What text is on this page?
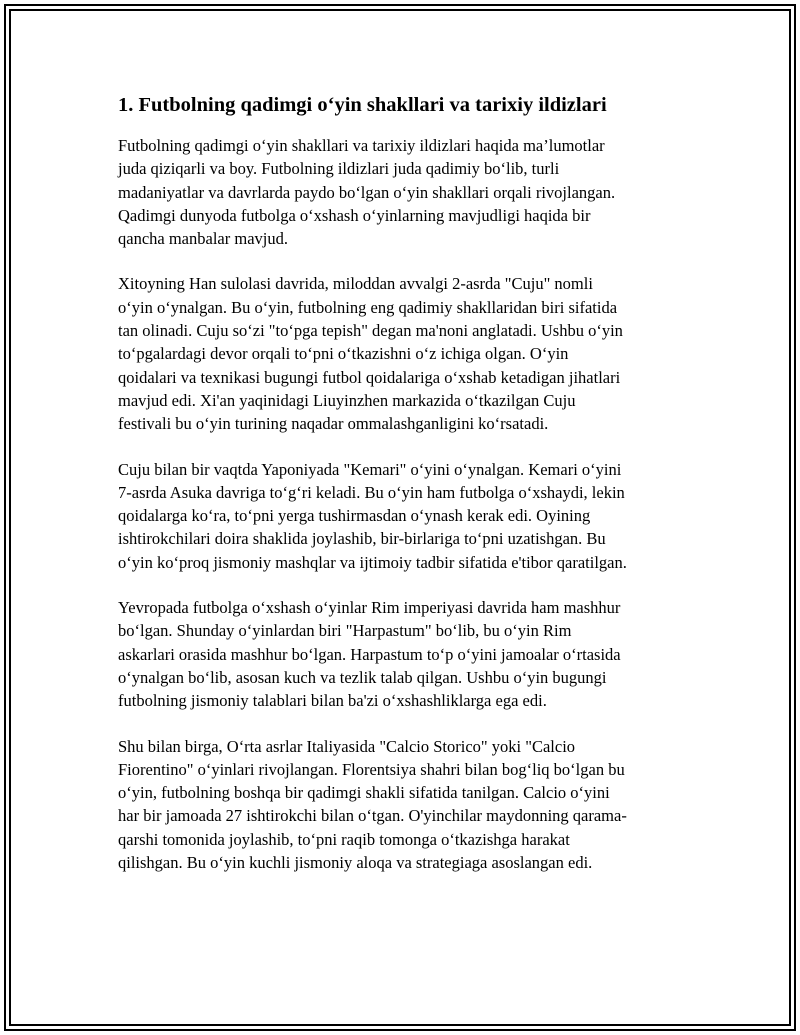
1. Futbolning qadimgi o‘yin shakllari va tarixiy ildizlari

Futbolning qadimgi o‘yin shakllari va tarixiy ildizlari haqida ma’lumotlar
juda qiziqarli va boy. Futbolning ildizlari juda qadimiy bo‘lib, turli
madaniyatlar va davrlarda paydo bo‘lgan o‘yin shakllari orqali rivojlangan.
Qadimgi dunyoda futbolga o‘xshash o‘yinlarning mavjudligi haqida bir
qancha manbalar mavjud.

Xitoyning Han sulolasi davrida, miloddan avvalgi 2-asrda "Cuju" nomli
o‘yin o‘ynalgan. Bu o‘yin, futbolning eng qadimiy shakllaridan biri sifatida
tan olinadi. Cuju so‘zi "to‘pga tepish" degan ma'noni anglatadi. Ushbu o‘yin
to‘pgalardagi devor orqali to‘pni o‘tkazishni o‘z ichiga olgan. O‘yin
qoidalari va texnikasi bugungi futbol qoidalariga o‘xshab ketadigan jihatlari
mavjud edi. Xi'an yaqinidagi Liuyinzhen markazida o‘tkazilgan Cuju
festivali bu o‘yin turining naqadar ommalashganligini ko‘rsatadi.

Cuju bilan bir vaqtda Yaponiyada "Kemari" o‘yini o‘ynalgan. Kemari o‘yini
7-asrda Asuka davriga to‘g‘ri keladi. Bu o‘yin ham futbolga o‘xshaydi, lekin
qoidalarga ko‘ra, to‘pni yerga tushirmasdan o‘ynash kerak edi. Oyining
ishtirokchilari doira shaklida joylashib, bir-birlariga to‘pni uzatishgan. Bu
o‘yin ko‘proq jismoniy mashqlar va ijtimoiy tadbir sifatida e'tibor qaratilgan.

Yevropada futbolga o‘xshash o‘yinlar Rim imperiyasi davrida ham mashhur
bo‘lgan. Shunday o‘yinlardan biri "Harpastum" bo‘lib, bu o‘yin Rim
askarlari orasida mashhur bo‘lgan. Harpastum to‘p o‘yini jamoalar o‘rtasida
o‘ynalgan bo‘lib, asosan kuch va tezlik talab qilgan. Ushbu o‘yin bugungi
futbolning jismoniy talablari bilan ba'zi o‘xshashliklarga ega edi.

Shu bilan birga, O‘rta asrlar Italiyasida "Calcio Storico" yoki "Calcio
Fiorentino" o‘yinlari rivojlangan. Florentsiya shahri bilan bog‘liq bo‘lgan bu
o‘yin, futbolning boshqa bir qadimgi shakli sifatida tanilgan. Calcio o‘yini
har bir jamoada 27 ishtirokchi bilan o‘tgan. O'yinchilar maydonning qarama-
qarshi tomonida joylashib, to‘pni raqib tomonga o‘tkazishga harakat
qilishgan. Bu o‘yin kuchli jismoniy aloqa va strategiaga asoslangan edi.
